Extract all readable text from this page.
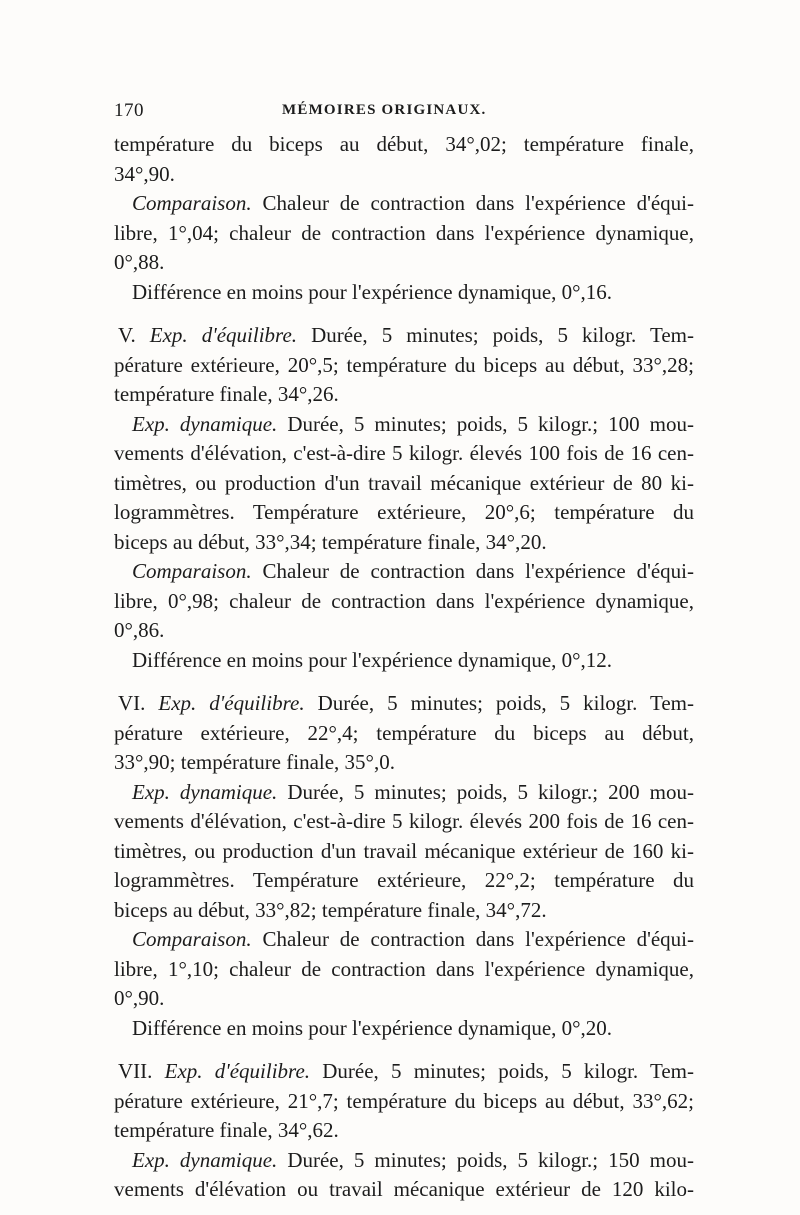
170	MÉMOIRES ORIGINAUX.
température du biceps au début, 34°,02; température finale,
34°,90.
Comparaison. Chaleur de contraction dans l'expérience d'équi-
libre, 1°,04; chaleur de contraction dans l'expérience dynamique,
0°,88.
Différence en moins pour l'expérience dynamique, 0°,16.
V. Exp. d'équilibre. Durée, 5 minutes; poids, 5 kilogr. Tem-
pérature extérieure, 20°,5; température du biceps au début, 33°,28;
température finale, 34°,26.
Exp. dynamique. Durée, 5 minutes; poids, 5 kilogr.; 100 mou-
vements d'élévation, c'est-à-dire 5 kilogr. élevés 100 fois de 16 cen-
timètres, ou production d'un travail mécanique extérieur de 80 ki-
logrammètres. Température extérieure, 20°,6; température du
biceps au début, 33°,34; température finale, 34°,20.
Comparaison. Chaleur de contraction dans l'expérience d'équi-
libre, 0°,98; chaleur de contraction dans l'expérience dynamique,
0°,86.
Différence en moins pour l'expérience dynamique, 0°,12.
VI. Exp. d'équilibre. Durée, 5 minutes; poids, 5 kilogr. Tem-
pérature extérieure, 22°,4; température du biceps au début,
33°,90; température finale, 35°,0.
Exp. dynamique. Durée, 5 minutes; poids, 5 kilogr.; 200 mou-
vements d'élévation, c'est-à-dire 5 kilogr. élevés 200 fois de 16 cen-
timètres, ou production d'un travail mécanique extérieur de 160 ki-
logrammètres. Température extérieure, 22°,2; température du
biceps au début, 33°,82; température finale, 34°,72.
Comparaison. Chaleur de contraction dans l'expérience d'équi-
libre, 1°,10; chaleur de contraction dans l'expérience dynamique,
0°,90.
Différence en moins pour l'expérience dynamique, 0°,20.
VII. Exp. d'équilibre. Durée, 5 minutes; poids, 5 kilogr. Tem-
pérature extérieure, 21°,7; température du biceps au début, 33°,62;
température finale, 34°,62.
Exp. dynamique. Durée, 5 minutes; poids, 5 kilogr.; 150 mou-
vements d'élévation ou travail mécanique extérieur de 120 kilo-
